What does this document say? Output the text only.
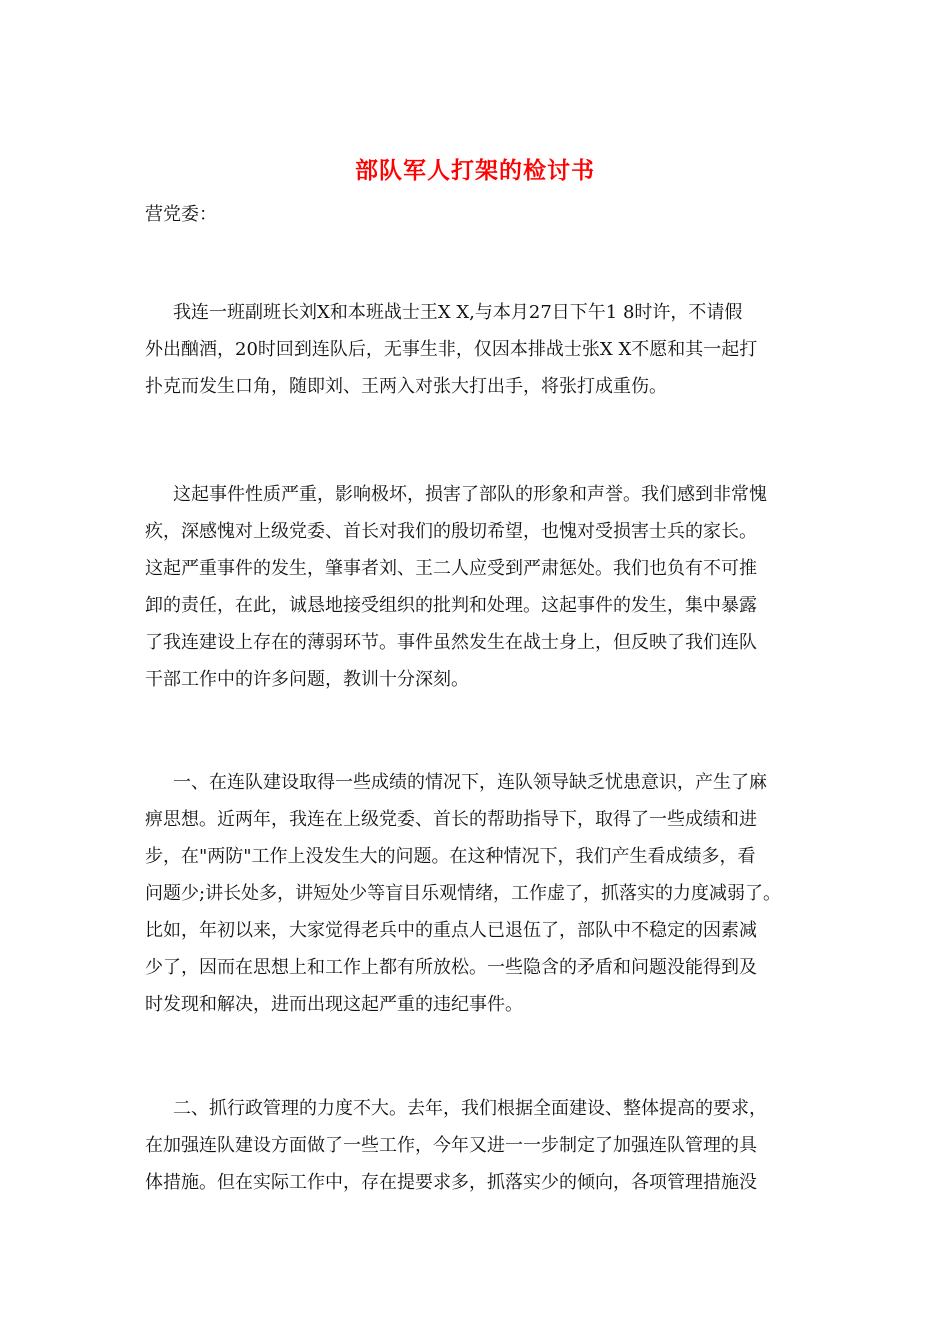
部队军人打架的检讨书
营党委：
我连一班副班长刘X和本班战士王X X,与本月27日下午1 8时许，不请假
外出酗酒，20时回到连队后，无事生非，仅因本排战士张X X不愿和其一起打
扑克而发生口角，随即刘、王两入对张大打出手，将张打成重伤。
这起事件性质严重，影响极坏，损害了部队的形象和声誉。我们感到非常愧
疚，深感愧对上级党委、首长对我们的殷切希望，也愧对受损害士兵的家长。
这起严重事件的发生，肇事者刘、王二人应受到严肃惩处。我们也负有不可推
卸的责任，在此，诚恳地接受组织的批判和处理。这起事件的发生，集中暴露
了我连建设上存在的薄弱环节。事件虽然发生在战士身上，但反映了我们连队
干部工作中的许多问题，教训十分深刻。
一、在连队建设取得一些成绩的情况下，连队领导缺乏忧患意识，产生了麻
痹思想。近两年，我连在上级党委、首长的帮助指导下，取得了一些成绩和进
步，在"两防"工作上没发生大的问题。在这种情况下，我们产生看成绩多，看
问题少;讲长处多，讲短处少等盲目乐观情绪，工作虚了，抓落实的力度减弱了。
比如，年初以来，大家觉得老兵中的重点人已退伍了，部队中不稳定的因素减
少了，因而在思想上和工作上都有所放松。一些隐含的矛盾和问题没能得到及
时发现和解决，进而出现这起严重的违纪事件。
二、抓行政管理的力度不大。去年，我们根据全面建设、整体提高的要求，
在加强连队建设方面做了一些工作，今年又进一一步制定了加强连队管理的具
体措施。但在实际工作中，存在提要求多，抓落实少的倾向，各项管理措施没
